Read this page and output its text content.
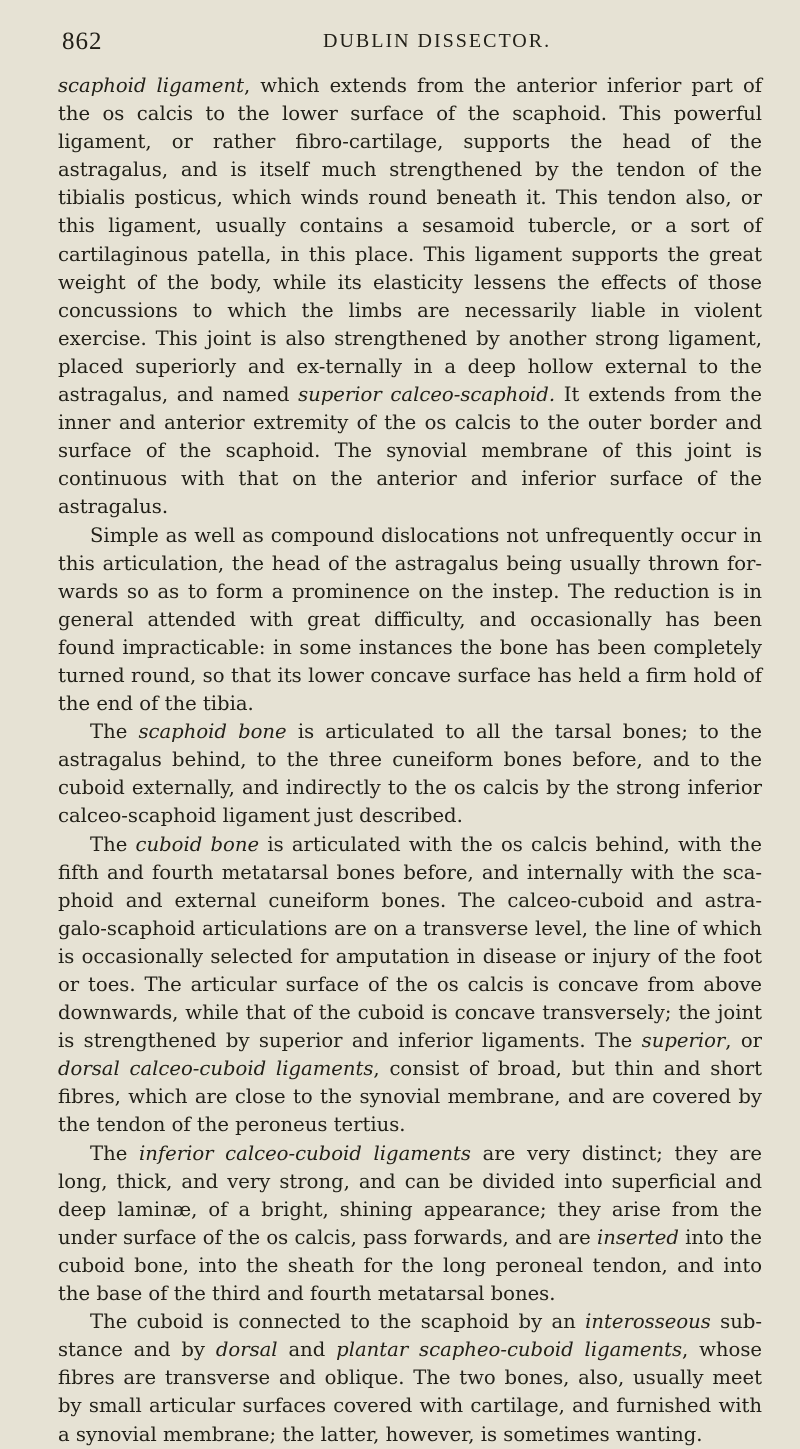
862	DUBLIN DISSECTOR.

scaphoid ligament, which extends from the anterior inferior part of the os calcis to the lower surface of the scaphoid. This powerful ligament, or rather fibro-cartilage, supports the head of the astragalus, and is itself much strengthened by the tendon of the tibialis posticus, which winds round beneath it. This tendon also, or this ligament, usually contains a sesamoid tubercle, or a sort of cartilaginous patella, in this place. This ligament supports the great weight of the body, while its elasticity lessens the effects of those concussions to which the limbs are necessarily liable in violent exercise. This joint is also strengthened by another strong ligament, placed superiorly and ex-ternally in a deep hollow external to the astragalus, and named superior calceo-scaphoid. It extends from the inner and anterior extremity of the os calcis to the outer border and surface of the scaphoid. The synovial membrane of this joint is continuous with that on the anterior and inferior surface of the astragalus.

Simple as well as compound dislocations not unfrequently occur in this articulation, the head of the astragalus being usually thrown for-wards so as to form a prominence on the instep. The reduction is in general attended with great difficulty, and occasionally has been found impracticable: in some instances the bone has been completely turned round, so that its lower concave surface has held a firm hold of the end of the tibia.

The scaphoid bone is articulated to all the tarsal bones; to the astragalus behind, to the three cuneiform bones before, and to the cuboid externally, and indirectly to the os calcis by the strong inferior calceo-scaphoid ligament just described.

The cuboid bone is articulated with the os calcis behind, with the fifth and fourth metatarsal bones before, and internally with the sca-phoid and external cuneiform bones. The calceo-cuboid and astra-galo-scaphoid articulations are on a transverse level, the line of which is occasionally selected for amputation in disease or injury of the foot or toes. The articular surface of the os calcis is concave from above downwards, while that of the cuboid is concave transversely; the joint is strengthened by superior and inferior ligaments. The superior, or dorsal calceo-cuboid ligaments, consist of broad, but thin and short fibres, which are close to the synovial membrane, and are covered by the tendon of the peroneus tertius.

The inferior calceo-cuboid ligaments are very distinct; they are long, thick, and very strong, and can be divided into superficial and deep laminæ, of a bright, shining appearance; they arise from the under surface of the os calcis, pass forwards, and are inserted into the cuboid bone, into the sheath for the long peroneal tendon, and into the base of the third and fourth metatarsal bones.

The cuboid is connected to the scaphoid by an interosseous sub-stance and by dorsal and plantar scapheo-cuboid ligaments, whose fibres are transverse and oblique. The two bones, also, usually meet by small articular surfaces covered with cartilage, and furnished with a synovial membrane; the latter, however, is sometimes wanting.
